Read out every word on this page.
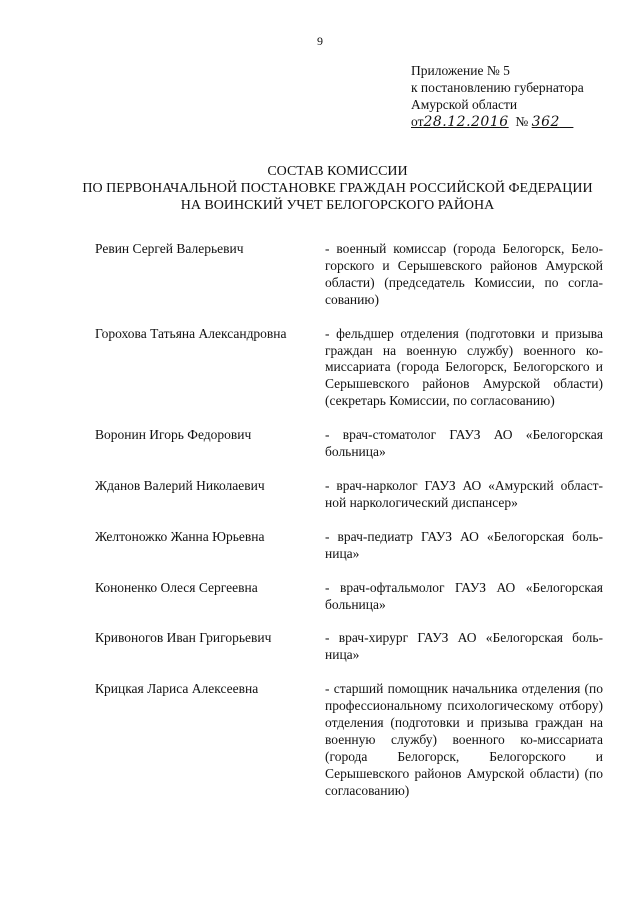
9
Приложение № 5
к постановлению губернатора
Амурской области
от28.12.2016 № 362
СОСТАВ КОМИССИИ
ПО ПЕРВОНАЧАЛЬНОЙ ПОСТАНОВКЕ ГРАЖДАН РОССИЙСКОЙ ФЕДЕРАЦИИ
НА ВОИНСКИЙ УЧЕТ БЕЛОГОРСКОГО РАЙОНА
Ревин Сергей Валерьевич	- военный комиссар (города Белогорск, Бело-горского и Серышевского районов Амурской области) (председатель Комиссии, по согла-сованию)
Горохова Татьяна Александровна	- фельдшер отделения (подготовки и призыва граждан на военную службу) военного ко-миссариата (города Белогорск, Белогорского и Серышевского районов Амурской области) (секретарь Комиссии, по согласованию)
Воронин Игорь Федорович	- врач-стоматолог ГАУЗ АО «Белогорская больница»
Жданов Валерий Николаевич	- врач-нарколог ГАУЗ АО «Амурский област-ной наркологический диспансер»
Желтоножко Жанна Юрьевна	- врач-педиатр ГАУЗ АО «Белогорская боль-ница»
Кононенко Олеся Сергеевна	- врач-офтальмолог ГАУЗ АО «Белогорская больница»
Кривоногов Иван Григорьевич	- врач-хирург ГАУЗ АО «Белогорская боль-ница»
Крицкая Лариса Алексеевна	- старший помощник начальника отделения (по профессиональному психологическому отбору) отделения (подготовки и призыва граждан на военную службу) военного ко-миссариата (города Белогорск, Белогорского и Серышевского районов Амурской области) (по согласованию)
